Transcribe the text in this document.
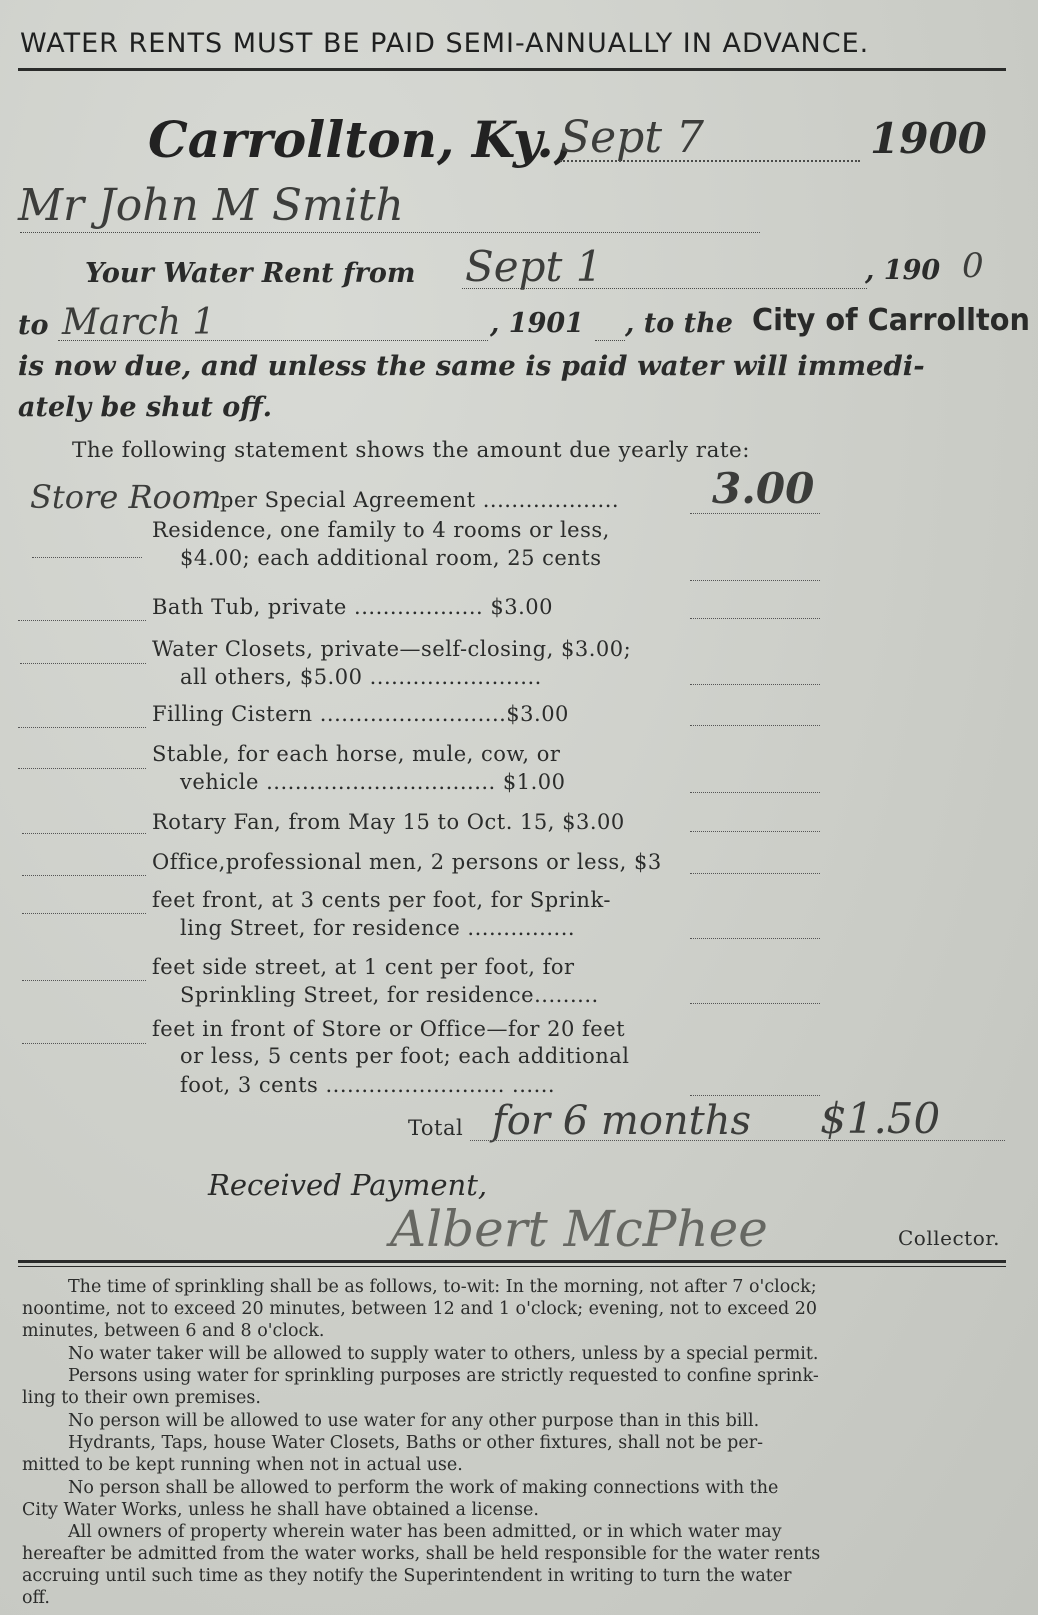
WATER RENTS MUST BE PAID SEMI-ANNUALLY IN ADVANCE.
Carrollton, Ky.,
Sept 7	1900
Mr John M Smith
Your Water Rent from Sept 1	, 190 0
to March 1	, 1901 , to the City of Carrollton
is now due, and unless the same is paid water will immedi-
ately be shut off.
The following statement shows the amount due yearly rate:
Store Room
per Special Agreement ................... 3.00
Residence, one family to 4 rooms or less,
$4.00; each additional room, 25 cents
Bath Tub, private .................. $3.00
Water Closets, private—self-closing, $3.00;
all others, $5.00 ........................
Filling Cistern ..........................$3.00
Stable, for each horse, mule, cow, or
vehicle ................................ $1.00
Rotary Fan, from May 15 to Oct. 15, $3.00
Office,professional men, 2 persons or less, $3
feet front, at 3 cents per foot, for Sprink-
ling Street, for residence ...............
feet side street, at 1 cent per foot, for
Sprinkling Street, for residence.........
feet in front of Store or Office—for 20 feet
or less, 5 cents per foot; each additional
foot, 3 cents ......................... ......
Total for 6 months $1.50
Received Payment,
Albert McPhee	Collector.
The time of sprinkling shall be as follows, to-wit: In the morning, not after 7 o'clock;
noontime, not to exceed 20 minutes, between 12 and 1 o'clock; evening, not to exceed 20
minutes, between 6 and 8 o'clock.
No water taker will be allowed to supply water to others, unless by a special permit.
Persons using water for sprinkling purposes are strictly requested to confine sprink-
ling to their own premises.
No person will be allowed to use water for any other purpose than in this bill.
Hydrants, Taps, house Water Closets, Baths or other fixtures, shall not be per-
mitted to be kept running when not in actual use.
No person shall be allowed to perform the work of making connections with the
City Water Works, unless he shall have obtained a license.
All owners of property wherein water has been admitted, or in which water may
hereafter be admitted from the water works, shall be held responsible for the water rents
accruing until such time as they notify the Superintendent in writing to turn the water
off.
